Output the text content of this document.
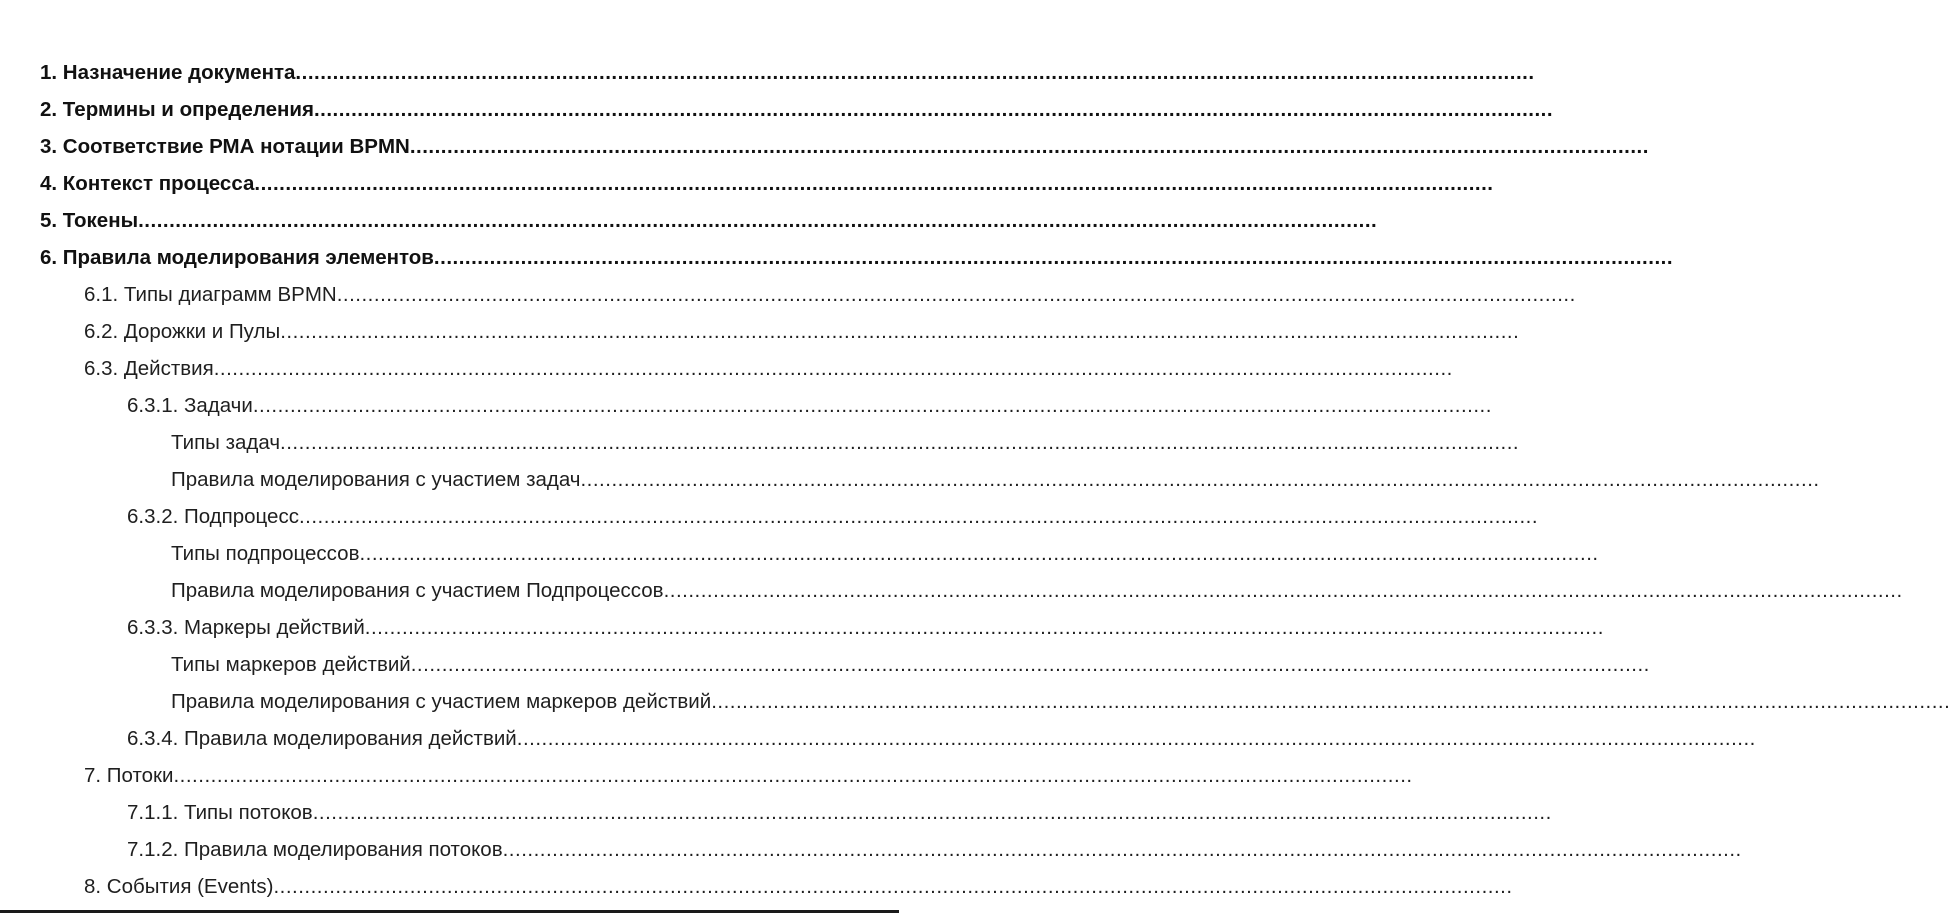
1. Назначение документа........................................................................................................................................................................................................
2. Термины и определения........................................................................................................................................................................................................
3. Соответствие РМА нотации BPMN........................................................................................................................................................................................................
4. Контекст процесса........................................................................................................................................................................................................
5. Токены........................................................................................................................................................................................................
6. Правила моделирования элементов........................................................................................................................................................................................................
6.1. Типы диаграмм BPMN........................................................................................................................................................................................................
6.2. Дорожки и Пулы........................................................................................................................................................................................................
6.3. Действия........................................................................................................................................................................................................
6.3.1. Задачи........................................................................................................................................................................................................
Типы задач........................................................................................................................................................................................................
Правила моделирования с участием задач........................................................................................................................................................................................................
6.3.2. Подпроцесс........................................................................................................................................................................................................
Типы подпроцессов........................................................................................................................................................................................................
Правила моделирования с участием Подпроцессов........................................................................................................................................................................................................
6.3.3. Маркеры действий........................................................................................................................................................................................................
Типы маркеров действий........................................................................................................................................................................................................
Правила моделирования с участием маркеров действий........................................................................................................................................................................................................
6.3.4. Правила моделирования действий........................................................................................................................................................................................................
7. Потоки........................................................................................................................................................................................................
7.1.1. Типы потоков........................................................................................................................................................................................................
7.1.2. Правила моделирования потоков........................................................................................................................................................................................................
8. События (Events)........................................................................................................................................................................................................
